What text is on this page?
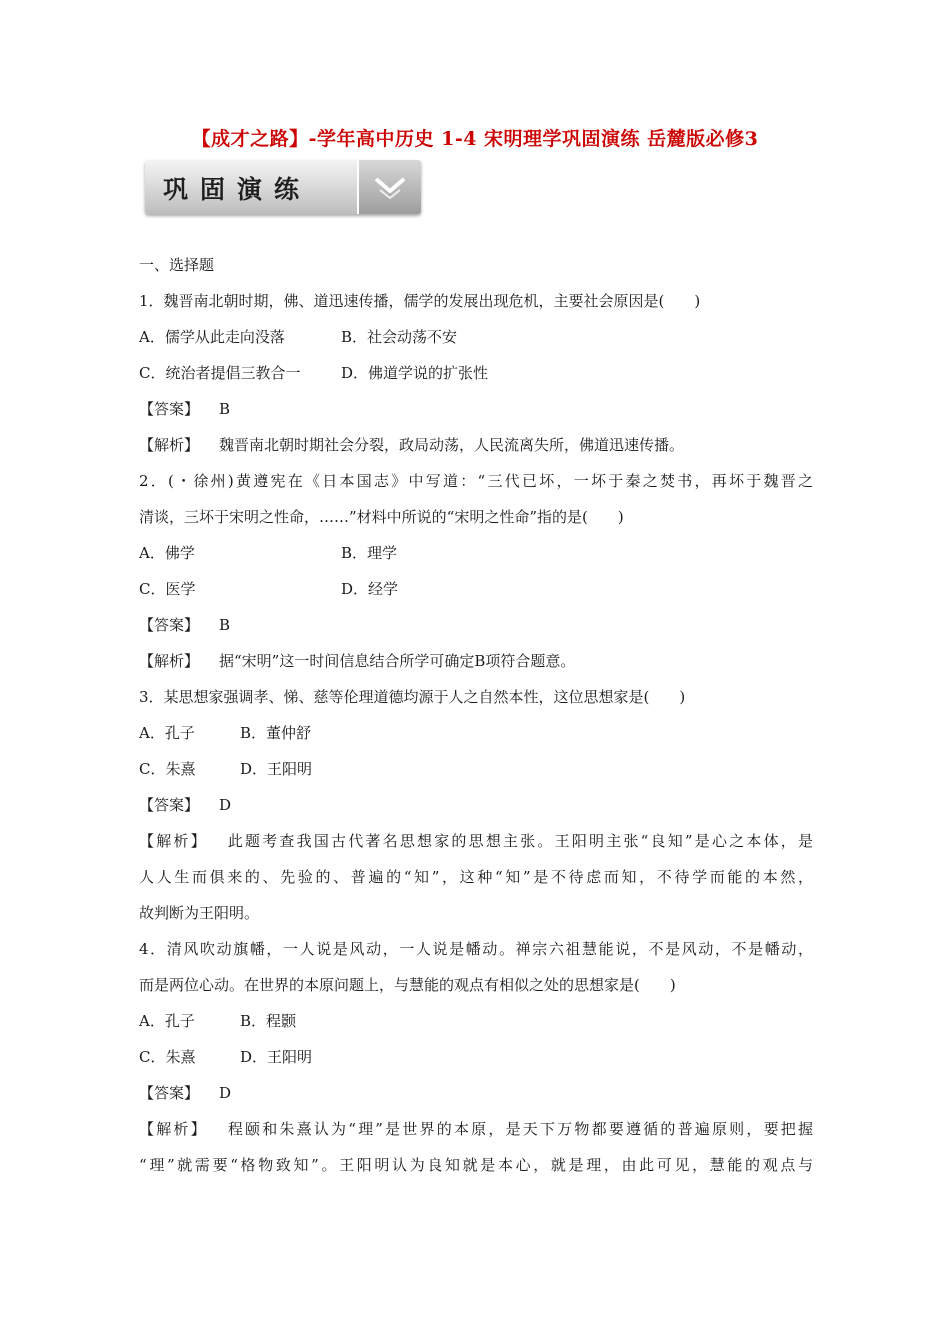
【成才之路】-学年高中历史 1-4 宋明理学巩固演练 岳麓版必修3
巩固演练
一、选择题
1．魏晋南北朝时期，佛、道迅速传播，儒学的发展出现危机，主要社会原因是(　　)
A．儒学从此走向没落	B．社会动荡不安
C．统治者提倡三教合一	D．佛道学说的扩张性
【答案】 B
【解析】 魏晋南北朝时期社会分裂，政局动荡，人民流离失所，佛道迅速传播。
2．(・徐州)黄遵宪在《日本国志》中写道：“三代已坏，一坏于秦之焚书，再坏于魏晋之
清谈，三坏于宋明之性命，……”材料中所说的“宋明之性命”指的是(　　)
A．佛学	B．理学
C．医学	D．经学
【答案】 B
【解析】 据“宋明”这一时间信息结合所学可确定B项符合题意。
3．某思想家强调孝、悌、慈等伦理道德均源于人之自然本性，这位思想家是(　　)
A．孔子	B．董仲舒
C．朱熹	D．王阳明
【答案】 D
【解析】 此题考查我国古代著名思想家的思想主张。王阳明主张“良知”是心之本体，是
人人生而俱来的、先验的、普遍的“知”，这种“知”是不待虑而知，不待学而能的本然，
故判断为王阳明。
4．清风吹动旗幡，一人说是风动，一人说是幡动。禅宗六祖慧能说，不是风动，不是幡动，
而是两位心动。在世界的本原问题上，与慧能的观点有相似之处的思想家是(　　)
A．孔子	B．程颢
C．朱熹	D．王阳明
【答案】 D
【解析】 程颐和朱熹认为“理”是世界的本原，是天下万物都要遵循的普遍原则，要把握
“理”就需要“格物致知”。王阳明认为良知就是本心，就是理，由此可见，慧能的观点与
